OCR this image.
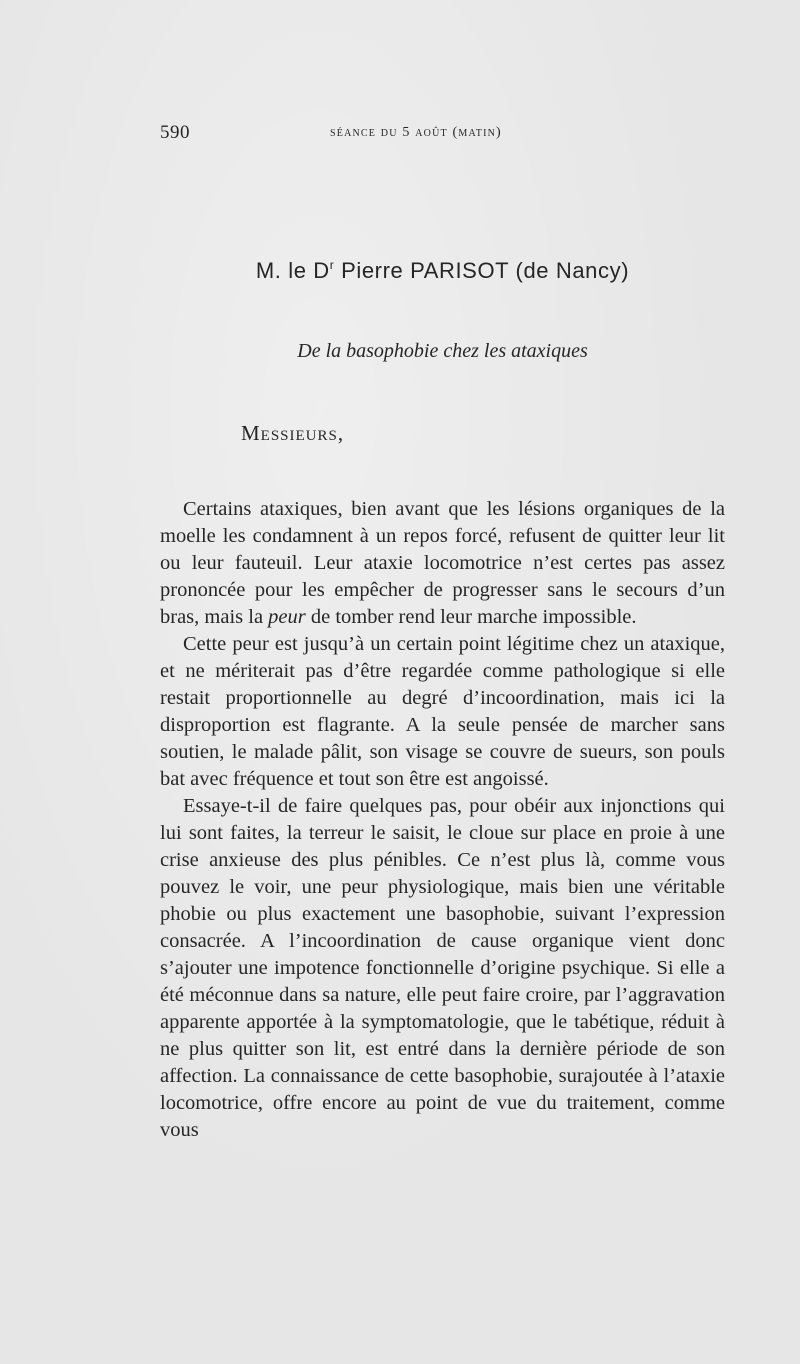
590	séance du 5 août (matin)
M. le $D^r$ Pierre PARISOT (de Nancy)
De la basophobie chez les ataxiques
Messieurs,

Certains ataxiques, bien avant que les lésions organiques de la moelle les condamnent à un repos forcé, refusent de quitter leur lit ou leur fauteuil. Leur ataxie locomotrice n’est certes pas assez prononcée pour les empêcher de progresser sans le secours d’un bras, mais la peur de tomber rend leur marche impossible.

Cette peur est jusqu’à un certain point légitime chez un ataxique, et ne mériterait pas d’être regardée comme pathologique si elle restait proportionnelle au degré d’incoordination, mais ici la disproportion est flagrante. A la seule pensée de marcher sans soutien, le malade pâlit, son visage se couvre de sueurs, son pouls bat avec fréquence et tout son être est angoissé.

Essaye-t-il de faire quelques pas, pour obéir aux injonctions qui lui sont faites, la terreur le saisit, le cloue sur place en proie à une crise anxieuse des plus pénibles. Ce n’est plus là, comme vous pouvez le voir, une peur physiologique, mais bien une véritable phobie ou plus exactement une basophobie, suivant l’expression consacrée. A l’incoordination de cause organique vient donc s’ajouter une impotence fonctionnelle d’origine psychique. Si elle a été méconnue dans sa nature, elle peut faire croire, par l’aggravation apparente apportée à la symptomatologie, que le tabétique, réduit à ne plus quitter son lit, est entré dans la dernière période de son affection. La connaissance de cette basophobie, surajoutée à l’ataxie locomotrice, offre encore au point de vue du traitement, comme vous
